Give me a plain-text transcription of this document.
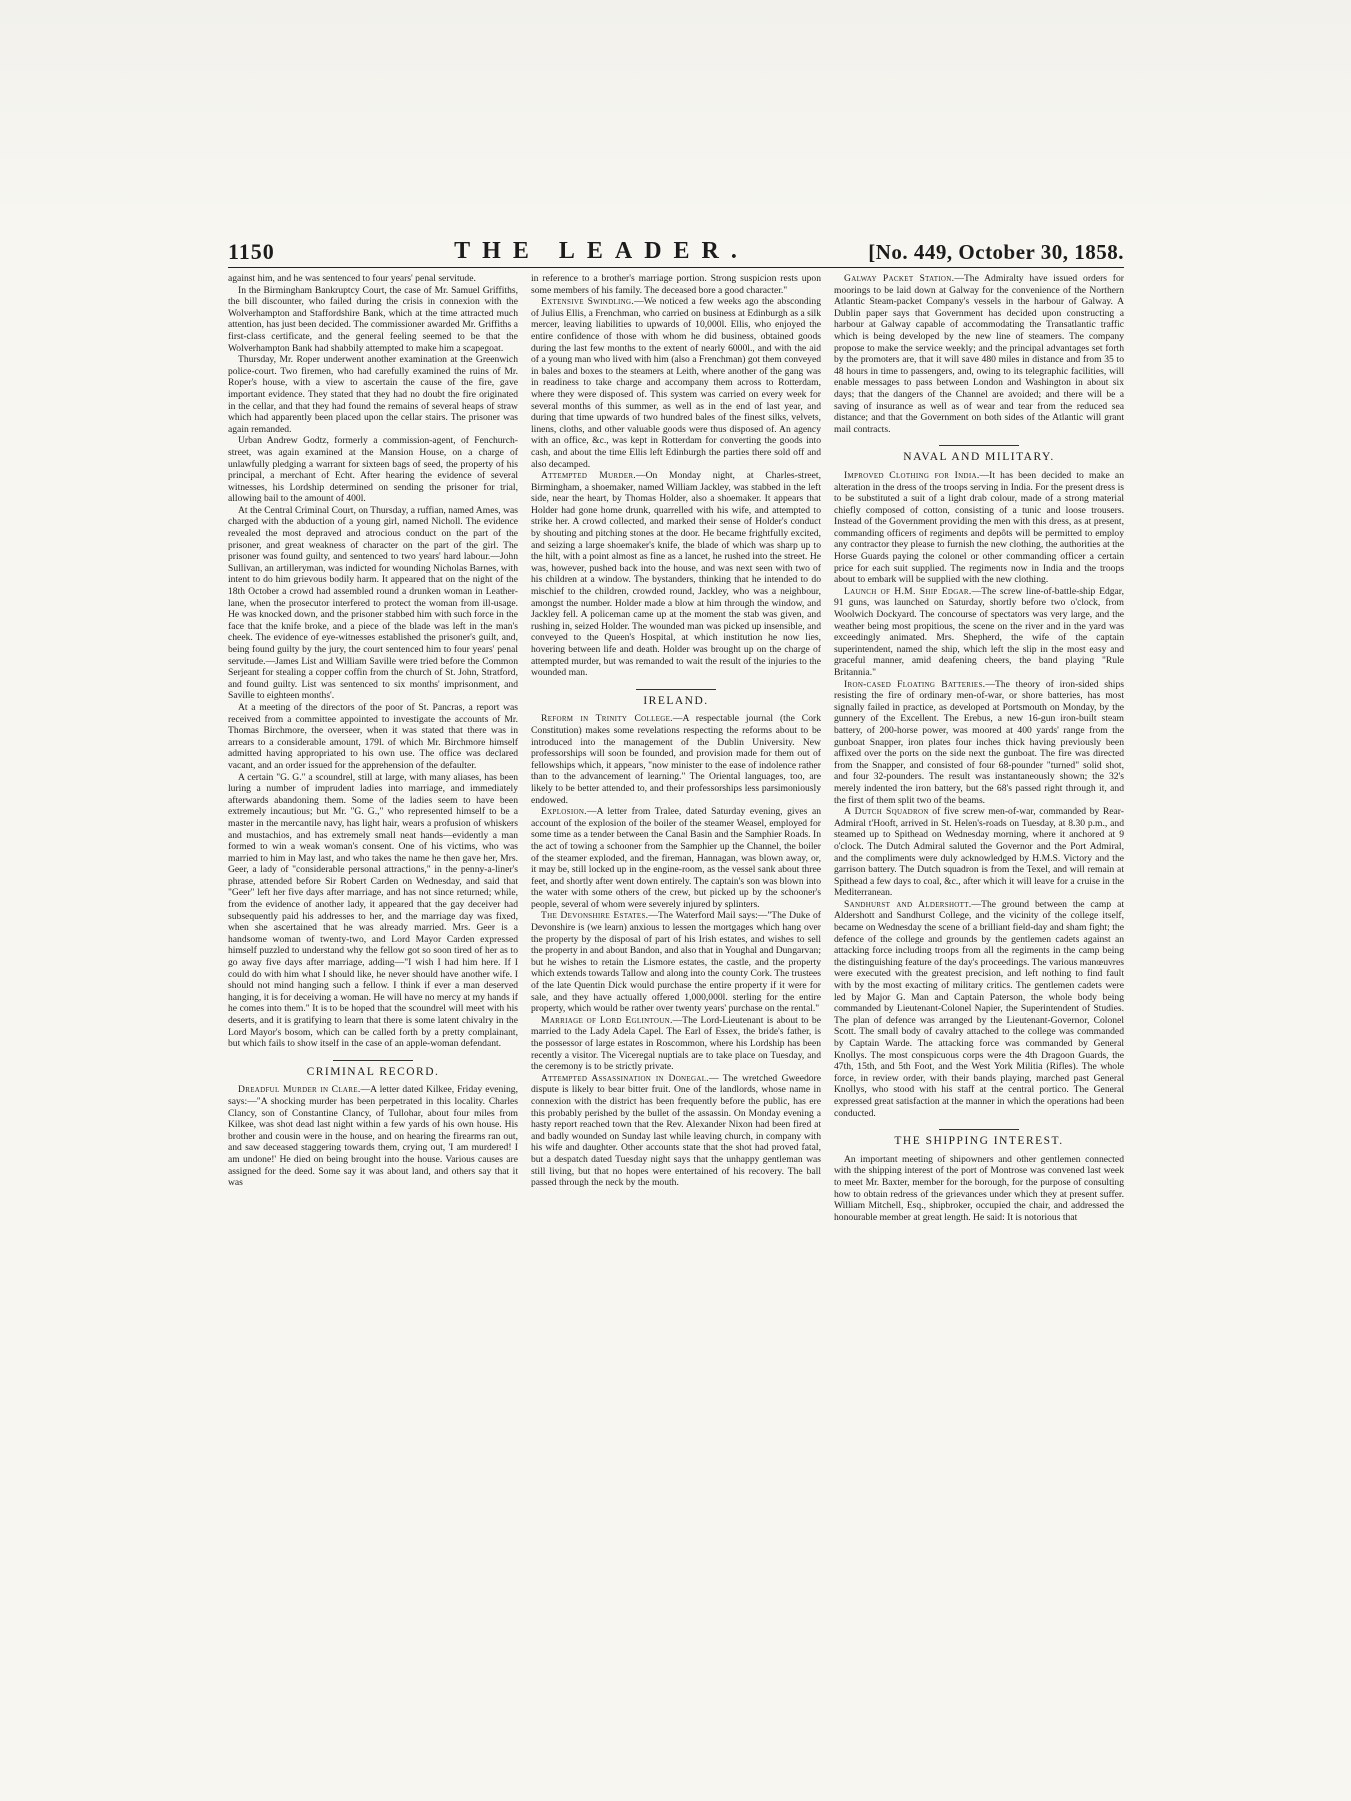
1150	THE LEADER.	[No. 449, October 30, 1858.

against him, and he was sentenced to four years' penal servitude.

In the Birmingham Bankruptcy Court, the case of Mr. Samuel Griffiths, the bill discounter, who failed during the crisis in connexion with the Wolverhampton and Staffordshire Bank, which at the time attracted much attention, has just been decided. The commissioner awarded Mr. Griffiths a first-class certificate, and the general feeling seemed to be that the Wolverhampton Bank had shabbily attempted to make him a scapegoat.

Thursday, Mr. Roper underwent another examination at the Greenwich police-court. Two firemen, who had carefully examined the ruins of Mr. Roper's house, with a view to ascertain the cause of the fire, gave important evidence. They stated that they had no doubt the fire originated in the cellar, and that they had found the remains of several heaps of straw which had apparently been placed upon the cellar stairs. The prisoner was again remanded.

Urban Andrew Godtz, formerly a commission-agent, of Fenchurch-street, was again examined at the Mansion House, on a charge of unlawfully pledging a warrant for sixteen bags of seed, the property of his principal, a merchant of Echt. After hearing the evidence of several witnesses, his Lordship determined on sending the prisoner for trial, allowing bail to the amount of 400l.

At the Central Criminal Court, on Thursday, a ruffian, named Ames, was charged with the abduction of a young girl, named Nicholl. The evidence revealed the most depraved and atrocious conduct on the part of the prisoner, and great weakness of character on the part of the girl. The prisoner was found guilty, and sentenced to two years' hard labour.—John Sullivan, an artilleryman, was indicted for wounding Nicholas Barnes, with intent to do him grievous bodily harm. It appeared that on the night of the 18th October a crowd had assembled round a drunken woman in Leather-lane, when the prosecutor interfered to protect the woman from ill-usage. He was knocked down, and the prisoner stabbed him with such force in the face that the knife broke, and a piece of the blade was left in the man's cheek. The evidence of eye-witnesses established the prisoner's guilt, and, being found guilty by the jury, the court sentenced him to four years' penal servitude.—James List and William Saville were tried before the Common Serjeant for stealing a copper coffin from the church of St. John, Stratford, and found guilty. List was sentenced to six months' imprisonment, and Saville to eighteen months'.

At a meeting of the directors of the poor of St. Pancras, a report was received from a committee appointed to investigate the accounts of Mr. Thomas Birchmore, the overseer, when it was stated that there was in arrears to a considerable amount, 179l. of which Mr. Birchmore himself admitted having appropriated to his own use. The office was declared vacant, and an order issued for the apprehension of the defaulter.

A certain "G. G." a scoundrel, still at large, with many aliases, has been luring a number of imprudent ladies into marriage, and immediately afterwards abandoning them. Some of the ladies seem to have been extremely incautious; but Mr. "G. G.," who represented himself to be a master in the mercantile navy, has light hair, wears a profusion of whiskers and mustachios, and has extremely small neat hands—evidently a man formed to win a weak woman's consent. One of his victims, who was married to him in May last, and who takes the name he then gave her, Mrs. Geer, a lady of "considerable personal attractions," in the penny-a-liner's phrase, attended before Sir Robert Carden on Wednesday, and said that "Geer" left her five days after marriage, and has not since returned; while, from the evidence of another lady, it appeared that the gay deceiver had subsequently paid his addresses to her, and the marriage day was fixed, when she ascertained that he was already married. Mrs. Geer is a handsome woman of twenty-two, and Lord Mayor Carden expressed himself puzzled to understand why the fellow got so soon tired of her as to go away five days after marriage, adding—"I wish I had him here. If I could do with him what I should like, he never should have another wife. I should not mind hanging such a fellow. I think if ever a man deserved hanging, it is for deceiving a woman. He will have no mercy at my hands if he comes into them." It is to be hoped that the scoundrel will meet with his deserts, and it is gratifying to learn that there is some latent chivalry in the Lord Mayor's bosom, which can be called forth by a pretty complainant, but which fails to show itself in the case of an apple-woman defendant.

CRIMINAL RECORD.

Dreadful Murder in Clare.—A letter dated Kilkee, Friday evening, says:—"A shocking murder has been perpetrated in this locality. Charles Clancy, son of Constantine Clancy, of Tullohar, about four miles from Kilkee, was shot dead last night within a few yards of his own house. His brother and cousin were in the house, and on hearing the firearms ran out, and saw deceased staggering towards them, crying out, 'I am murdered! I am undone!' He died on being brought into the house. Various causes are assigned for the deed. Some say it was about land, and others say that it was

in reference to a brother's marriage portion. Strong suspicion rests upon some members of his family. The deceased bore a good character."

Extensive Swindling.—We noticed a few weeks ago the absconding of Julius Ellis, a Frenchman, who carried on business at Edinburgh as a silk mercer, leaving liabilities to upwards of 10,000l. Ellis, who enjoyed the entire confidence of those with whom he did business, obtained goods during the last few months to the extent of nearly 6000l., and with the aid of a young man who lived with him (also a Frenchman) got them conveyed in bales and boxes to the steamers at Leith, where another of the gang was in readiness to take charge and accompany them across to Rotterdam, where they were disposed of. This system was carried on every week for several months of this summer, as well as in the end of last year, and during that time upwards of two hundred bales of the finest silks, velvets, linens, cloths, and other valuable goods were thus disposed of. An agency with an office, &c., was kept in Rotterdam for converting the goods into cash, and about the time Ellis left Edinburgh the parties there sold off and also decamped.

Attempted Murder.—On Monday night, at Charles-street, Birmingham, a shoemaker, named William Jackley, was stabbed in the left side, near the heart, by Thomas Holder, also a shoemaker. It appears that Holder had gone home drunk, quarrelled with his wife, and attempted to strike her. A crowd collected, and marked their sense of Holder's conduct by shouting and pitching stones at the door. He became frightfully excited, and seizing a large shoemaker's knife, the blade of which was sharp up to the hilt, with a point almost as fine as a lancet, he rushed into the street. He was, however, pushed back into the house, and was next seen with two of his children at a window. The bystanders, thinking that he intended to do mischief to the children, crowded round, Jackley, who was a neighbour, amongst the number. Holder made a blow at him through the window, and Jackley fell. A policeman came up at the moment the stab was given, and rushing in, seized Holder. The wounded man was picked up insensible, and conveyed to the Queen's Hospital, at which institution he now lies, hovering between life and death. Holder was brought up on the charge of attempted murder, but was remanded to wait the result of the injuries to the wounded man.

IRELAND.

Reform in Trinity College.—A respectable journal (the Cork Constitution) makes some revelations respecting the reforms about to be introduced into the management of the Dublin University. New professorships will soon be founded, and provision made for them out of fellowships which, it appears, "now minister to the ease of indolence rather than to the advancement of learning." The Oriental languages, too, are likely to be better attended to, and their professorships less parsimoniously endowed.

Explosion.—A letter from Tralee, dated Saturday evening, gives an account of the explosion of the boiler of the steamer Weasel, employed for some time as a tender between the Canal Basin and the Samphier Roads. In the act of towing a schooner from the Samphier up the Channel, the boiler of the steamer exploded, and the fireman, Hannagan, was blown away, or, it may be, still locked up in the engine-room, as the vessel sank about three feet, and shortly after went down entirely. The captain's son was blown into the water with some others of the crew, but picked up by the schooner's people, several of whom were severely injured by splinters.

The Devonshire Estates.—The Waterford Mail says:—"The Duke of Devonshire is (we learn) anxious to lessen the mortgages which hang over the property by the disposal of part of his Irish estates, and wishes to sell the property in and about Bandon, and also that in Youghal and Dungarvan; but he wishes to retain the Lismore estates, the castle, and the property which extends towards Tallow and along into the county Cork. The trustees of the late Quentin Dick would purchase the entire property if it were for sale, and they have actually offered 1,000,000l. sterling for the entire property, which would be rather over twenty years' purchase on the rental."

Marriage of Lord Eglintoun.—The Lord-Lieutenant is about to be married to the Lady Adela Capel. The Earl of Essex, the bride's father, is the possessor of large estates in Roscommon, where his Lordship has been recently a visitor. The Viceregal nuptials are to take place on Tuesday, and the ceremony is to be strictly private.

Attempted Assassination in Donegal.— The wretched Gweedore dispute is likely to bear bitter fruit. One of the landlords, whose name in connexion with the district has been frequently before the public, has ere this probably perished by the bullet of the assassin. On Monday evening a hasty report reached town that the Rev. Alexander Nixon had been fired at and badly wounded on Sunday last while leaving church, in company with his wife and daughter. Other accounts state that the shot had proved fatal, but a despatch dated Tuesday night says that the unhappy gentleman was still living, but that no hopes were entertained of his recovery. The ball passed through the neck by the mouth.

Galway Packet Station.—The Admiralty have issued orders for moorings to be laid down at Galway for the convenience of the Northern Atlantic Steam-packet Company's vessels in the harbour of Galway. A Dublin paper says that Government has decided upon constructing a harbour at Galway capable of accommodating the Transatlantic traffic which is being developed by the new line of steamers. The company propose to make the service weekly; and the principal advantages set forth by the promoters are, that it will save 480 miles in distance and from 35 to 48 hours in time to passengers, and, owing to its telegraphic facilities, will enable messages to pass between London and Washington in about six days; that the dangers of the Channel are avoided; and there will be a saving of insurance as well as of wear and tear from the reduced sea distance; and that the Government on both sides of the Atlantic will grant mail contracts.

NAVAL AND MILITARY.

Improved Clothing for India.—It has been decided to make an alteration in the dress of the troops serving in India. For the present dress is to be substituted a suit of a light drab colour, made of a strong material chiefly composed of cotton, consisting of a tunic and loose trousers. Instead of the Government providing the men with this dress, as at present, commanding officers of regiments and depôts will be permitted to employ any contractor they please to furnish the new clothing, the authorities at the Horse Guards paying the colonel or other commanding officer a certain price for each suit supplied. The regiments now in India and the troops about to embark will be supplied with the new clothing.

Launch of H.M. Ship Edgar.—The screw line-of-battle-ship Edgar, 91 guns, was launched on Saturday, shortly before two o'clock, from Woolwich Dockyard. The concourse of spectators was very large, and the weather being most propitious, the scene on the river and in the yard was exceedingly animated. Mrs. Shepherd, the wife of the captain superintendent, named the ship, which left the slip in the most easy and graceful manner, amid deafening cheers, the band playing "Rule Britannia."

Iron-cased Floating Batteries.—The theory of iron-sided ships resisting the fire of ordinary men-of-war, or shore batteries, has most signally failed in practice, as developed at Portsmouth on Monday, by the gunnery of the Excellent. The Erebus, a new 16-gun iron-built steam battery, of 200-horse power, was moored at 400 yards' range from the gunboat Snapper, iron plates four inches thick having previously been affixed over the ports on the side next the gunboat. The fire was directed from the Snapper, and consisted of four 68-pounder "turned" solid shot, and four 32-pounders. The result was instantaneously shown; the 32's merely indented the iron battery, but the 68's passed right through it, and the first of them split two of the beams.

A Dutch Squadron of five screw men-of-war, commanded by Rear-Admiral t'Hooft, arrived in St. Helen's-roads on Tuesday, at 8.30 p.m., and steamed up to Spithead on Wednesday morning, where it anchored at 9 o'clock. The Dutch Admiral saluted the Governor and the Port Admiral, and the compliments were duly acknowledged by H.M.S. Victory and the garrison battery. The Dutch squadron is from the Texel, and will remain at Spithead a few days to coal, &c., after which it will leave for a cruise in the Mediterranean.

Sandhurst and Aldershott.—The ground between the camp at Aldershott and Sandhurst College, and the vicinity of the college itself, became on Wednesday the scene of a brilliant field-day and sham fight; the defence of the college and grounds by the gentlemen cadets against an attacking force including troops from all the regiments in the camp being the distinguishing feature of the day's proceedings. The various manœuvres were executed with the greatest precision, and left nothing to find fault with by the most exacting of military critics. The gentlemen cadets were led by Major G. Man and Captain Paterson, the whole body being commanded by Lieutenant-Colonel Napier, the Superintendent of Studies. The plan of defence was arranged by the Lieutenant-Governor, Colonel Scott. The small body of cavalry attached to the college was commanded by Captain Warde. The attacking force was commanded by General Knollys. The most conspicuous corps were the 4th Dragoon Guards, the 47th, 15th, and 5th Foot, and the West York Militia (Rifles). The whole force, in review order, with their bands playing, marched past General Knollys, who stood with his staff at the central portico. The General expressed great satisfaction at the manner in which the operations had been conducted.

THE SHIPPING INTEREST.

An important meeting of shipowners and other gentlemen connected with the shipping interest of the port of Montrose was convened last week to meet Mr. Baxter, member for the borough, for the purpose of consulting how to obtain redress of the grievances under which they at present suffer. William Mitchell, Esq., shipbroker, occupied the chair, and addressed the honourable member at great length. He said: It is notorious that
